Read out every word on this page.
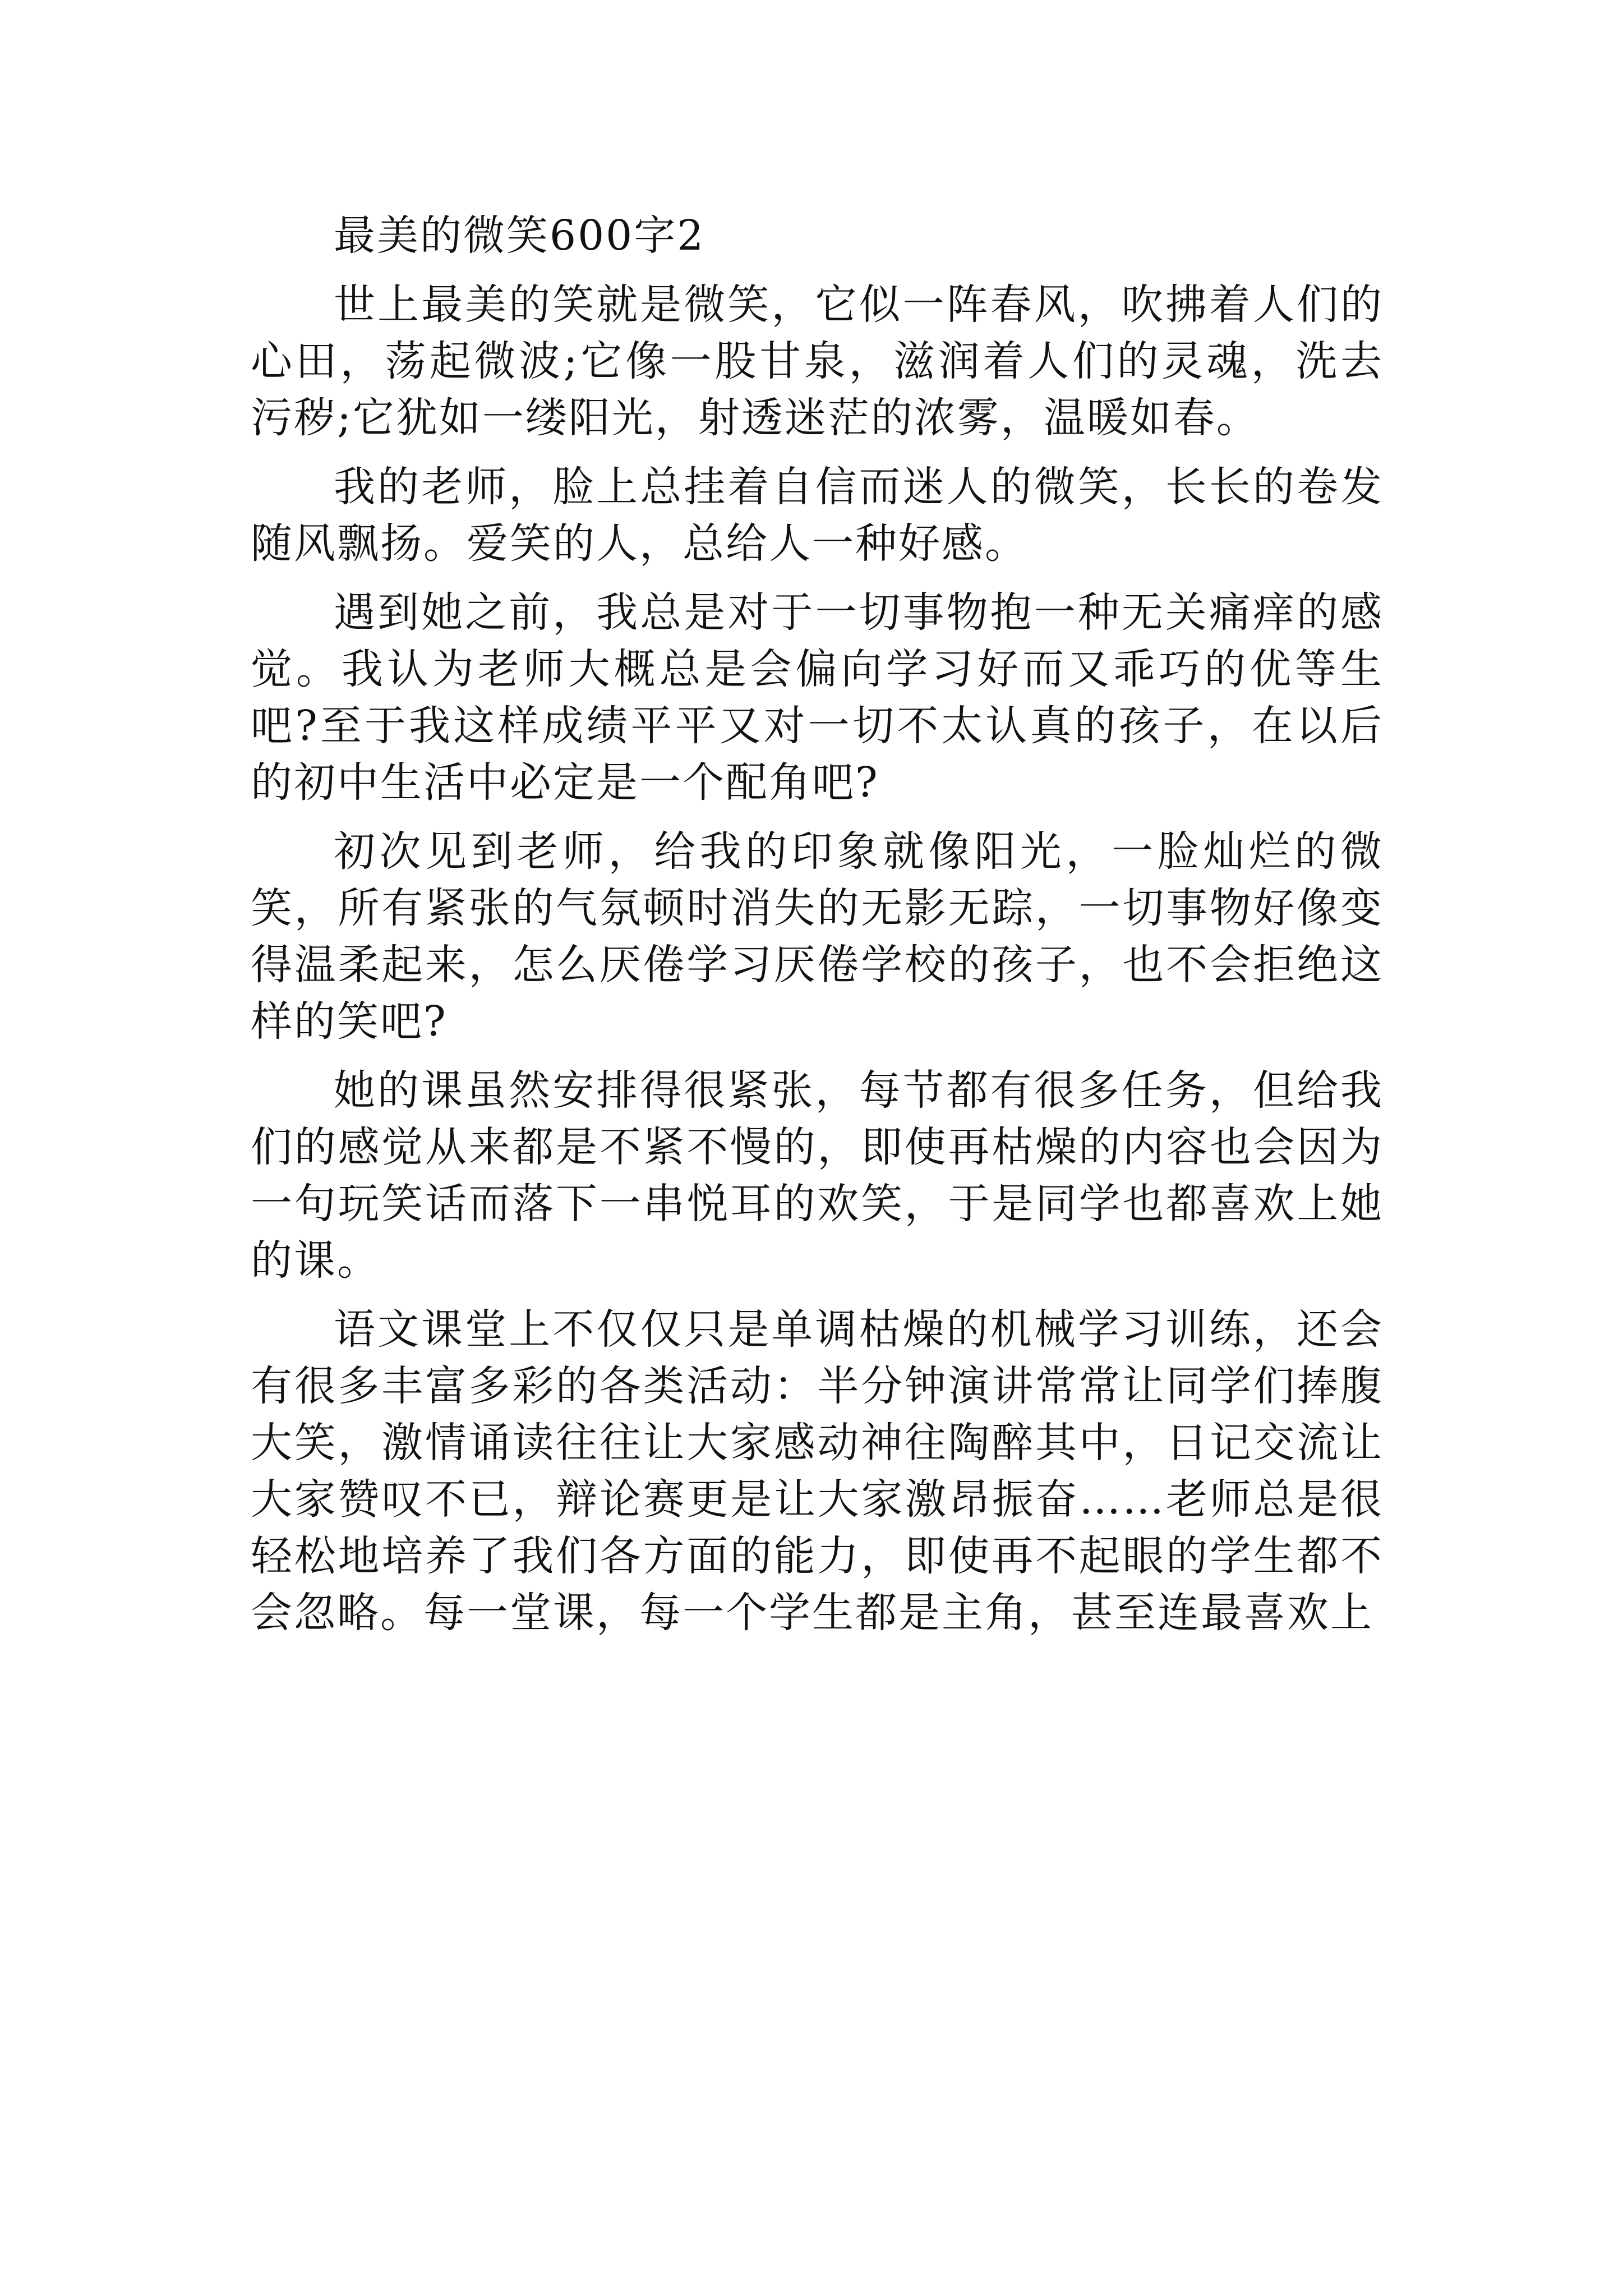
最美的微笑600字2

世上最美的笑就是微笑，它似一阵春风，吹拂着人们的心田，荡起微波;它像一股甘泉，滋润着人们的灵魂，洗去污秽;它犹如一缕阳光，射透迷茫的浓雾，温暖如春。

我的老师，脸上总挂着自信而迷人的微笑，长长的卷发随风飘扬。爱笑的人，总给人一种好感。

遇到她之前，我总是对于一切事物抱一种无关痛痒的感觉。我认为老师大概总是会偏向学习好而又乖巧的优等生吧?至于我这样成绩平平又对一切不太认真的孩子，在以后的初中生活中必定是一个配角吧?

初次见到老师，给我的印象就像阳光，一脸灿烂的微笑，所有紧张的气氛顿时消失的无影无踪，一切事物好像变得温柔起来，怎么厌倦学习厌倦学校的孩子，也不会拒绝这样的笑吧?

她的课虽然安排得很紧张，每节都有很多任务，但给我们的感觉从来都是不紧不慢的，即使再枯燥的内容也会因为一句玩笑话而落下一串悦耳的欢笑，于是同学也都喜欢上她的课。

语文课堂上不仅仅只是单调枯燥的机械学习训练，还会有很多丰富多彩的各类活动：半分钟演讲常常让同学们捧腹大笑，激情诵读往往让大家感动神往陶醉其中，日记交流让大家赞叹不已，辩论赛更是让大家激昂振奋……老师总是很轻松地培养了我们各方面的能力，即使再不起眼的学生都不会忽略。每一堂课，每一个学生都是主角，甚至连最喜欢上
